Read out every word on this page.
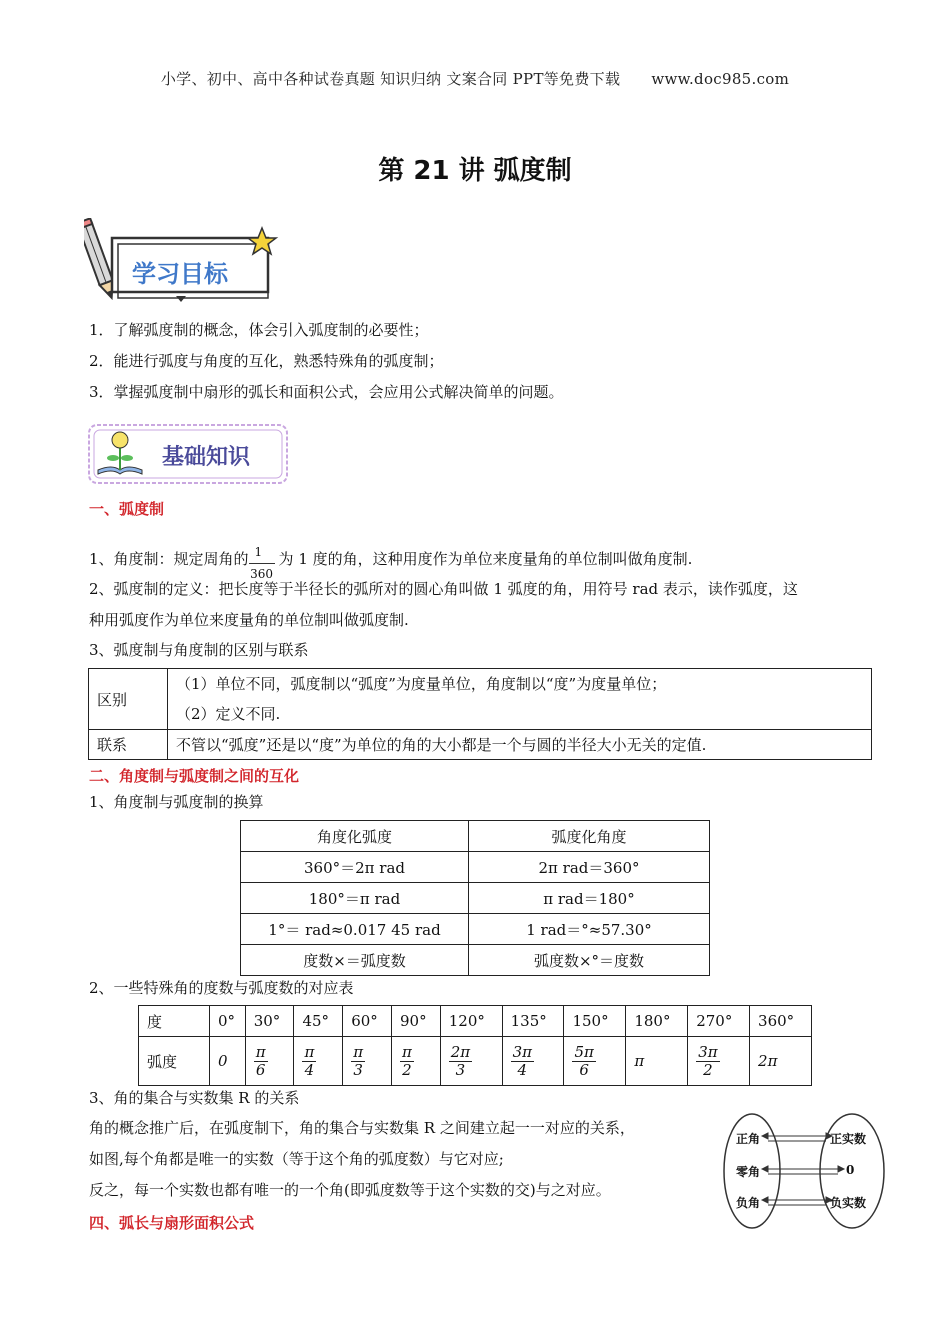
小学、初中、高中各种试卷真题 知识归纳 文案合同 PPT等免费下载 www.doc985.com
第 21 讲 弧度制
学习目标
1．了解弧度制的概念，体会引入弧度制的必要性；
2．能进行弧度与角度的互化，熟悉特殊角的弧度制；
3．掌握弧度制中扇形的弧长和面积公式，会应用公式解决简单的问题。
基础知识
一、弧度制
1、角度制：规定周角的
$\frac{1}{360}$
为 1 度的角，这种用度作为单位来度量角的单位制叫做角度制.
2、弧度制的定义：把长度等于半径长的弧所对的圆心角叫做 1 弧度的角，用符号 rad 表示，读作弧度，这
种用弧度作为单位来度量角的单位制叫做弧度制.
3、弧度制与角度制的区别与联系
区别	（1）单位不同，弧度制以“弧度”为度量单位，角度制以“度”为度量单位；
（2）定义不同.

联系	不管以“弧度”还是以“度”为单位的角的大小都是一个与圆的半径大小无关的定值.
二、角度制与弧度制之间的互化
1、角度制与弧度制的换算
角度化弧度	弧度化角度
360°＝2π rad	2π rad＝360°
180°＝π rad	π rad＝180°
1°＝ rad≈0.017 45 rad	1 rad＝°≈57.30°
度数×＝弧度数	弧度数×°＝度数
2、一些特殊角的度数与弧度数的对应表
度	0°	30°	45°	60°	90°	120°	135°	150°	180°	270°	360°
弧度	0	$\frac{\pi}{6}$	$\frac{\pi}{4}$	$\frac{\pi}{3}$	$\frac{\pi}{2}$	$\frac{2\pi}{3}$	$\frac{3\pi}{4}$	$\frac{5\pi}{6}$	π	$\frac{3\pi}{2}$	2π
3、角的集合与实数集 R 的关系
角的概念推广后，在弧度制下，角的集合与实数集 R 之间建立起一一对应的关系，
如图,每个角都是唯一的实数（等于这个角的弧度数）与它对应;
反之，每一个实数也都有唯一的一个角(即弧度数等于这个实数的交)与之对应。
正角
零角
负角
正实数
0
负实数
四、弧长与扇形面积公式
